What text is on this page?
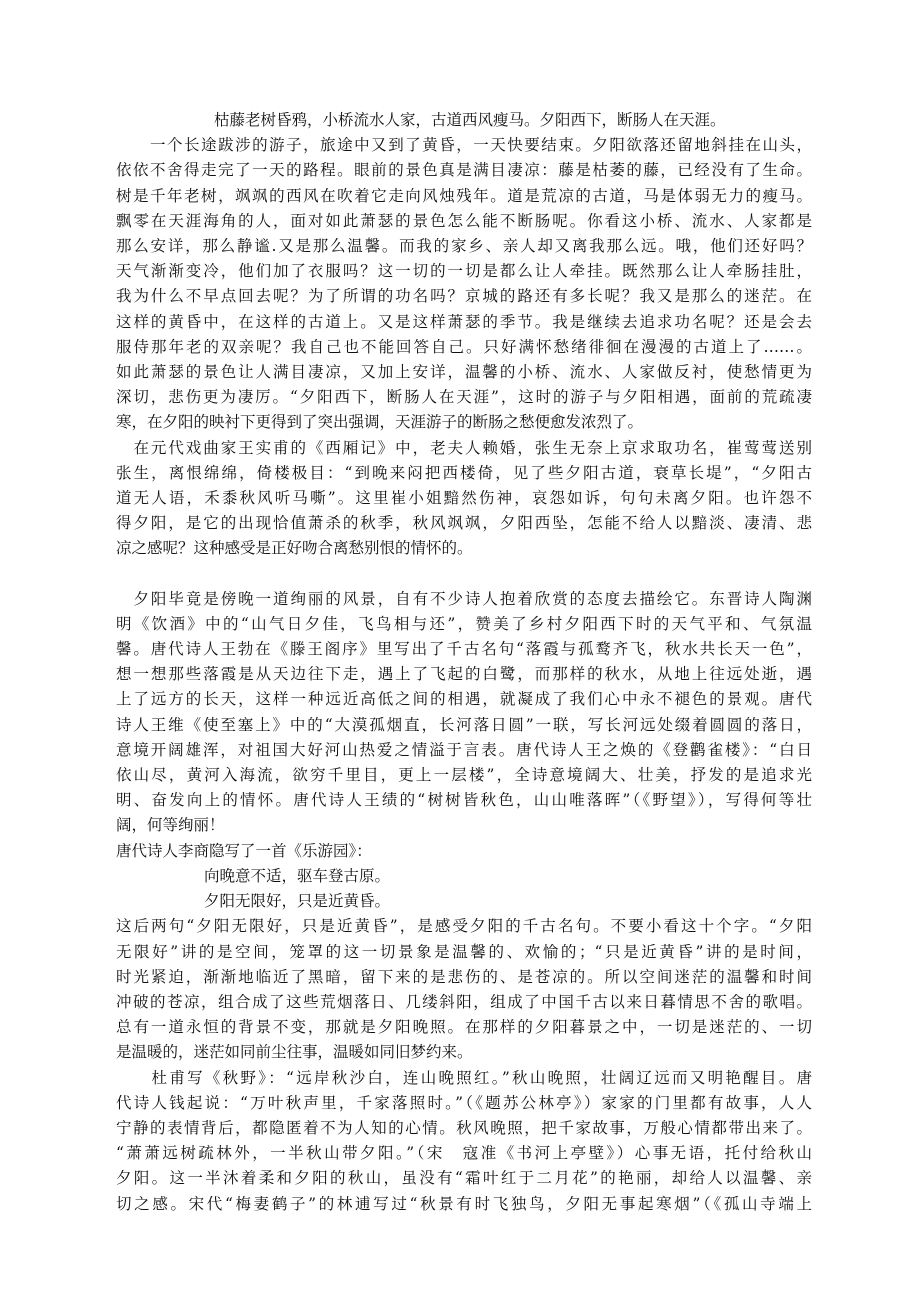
枯藤老树昏鸦，小桥流水人家，古道西风瘦马。夕阳西下，断肠人在天涯。

　　一个长途跋涉的游子，旅途中又到了黄昏，一天快要结束。夕阳欲落还留地斜挂在山头，

依依不舍得走完了一天的路程。眼前的景色真是满目凄凉：藤是枯萎的藤，已经没有了生命。

树是千年老树，飒飒的西风在吹着它走向风烛残年。道是荒凉的古道，马是体弱无力的瘦马。

飘零在天涯海角的人，面对如此萧瑟的景色怎么能不断肠呢。你看这小桥、流水、人家都是

那么安详，那么静谧.又是那么温馨。而我的家乡、亲人却又离我那么远。哦，他们还好吗？

天气渐渐变冷，他们加了衣服吗？这一切的一切是都么让人牵挂。既然那么让人牵肠挂肚，

我为什么不早点回去呢？为了所谓的功名吗？京城的路还有多长呢？我又是那么的迷茫。在

这样的黄昏中，在这样的古道上。又是这样萧瑟的季节。我是继续去追求功名呢？还是会去

服侍那年老的双亲呢？我自己也不能回答自己。只好满怀愁绪徘徊在漫漫的古道上了……。

如此萧瑟的景色让人满目凄凉，又加上安详，温馨的小桥、流水、人家做反衬，使愁情更为

深切，悲伤更为凄厉。“夕阳西下，断肠人在天涯”，这时的游子与夕阳相遇，面前的荒疏凄

寒，在夕阳的映衬下更得到了突出强调，天涯游子的断肠之愁便愈发浓烈了。

　在元代戏曲家王实甫的《西厢记》中，老夫人赖婚，张生无奈上京求取功名，崔莺莺送别

张生，离恨绵绵，倚楼极目：“到晚来闷把西楼倚，见了些夕阳古道，衰草长堤”，“夕阳古

道无人语，禾黍秋风听马嘶”。这里崔小姐黯然伤神，哀怨如诉，句句未离夕阳。也许怨不

得夕阳，是它的出现恰值萧杀的秋季，秋风飒飒，夕阳西坠，怎能不给人以黯淡、凄清、悲

凉之感呢？这种感受是正好吻合离愁别恨的情怀的。

　夕阳毕竟是傍晚一道绚丽的风景，自有不少诗人抱着欣赏的态度去描绘它。东晋诗人陶渊

明《饮酒》中的“山气日夕佳，飞鸟相与还”，赞美了乡村夕阳西下时的天气平和、气氛温

馨。唐代诗人王勃在《滕王阁序》里写出了千古名句“落霞与孤鹜齐飞，秋水共长天一色”，

想一想那些落霞是从天边往下走，遇上了飞起的白鹭，而那样的秋水，从地上往远处逝，遇

上了远方的长天，这样一种远近高低之间的相遇，就凝成了我们心中永不褪色的景观。唐代

诗人王维《使至塞上》中的“大漠孤烟直，长河落日圆”一联，写长河远处缀着圆圆的落日，

意境开阔雄浑，对祖国大好河山热爱之情溢于言表。唐代诗人王之焕的《登鹳雀楼》：“白日

依山尽，黄河入海流，欲穷千里目，更上一层楼”，全诗意境阔大、壮美，抒发的是追求光

明、奋发向上的情怀。唐代诗人王绩的“树树皆秋色，山山唯落晖”（《野望》），写得何等壮

阔，何等绚丽！

唐代诗人李商隐写了一首《乐游园》：

向晚意不适，驱车登古原。

夕阳无限好，只是近黄昏。

这后两句“夕阳无限好，只是近黄昏”，是感受夕阳的千古名句。不要小看这十个字。“夕阳

无限好”讲的是空间，笼罩的这一切景象是温馨的、欢愉的；“只是近黄昏”讲的是时间，

时光紧迫，渐渐地临近了黑暗，留下来的是悲伤的、是苍凉的。所以空间迷茫的温馨和时间

冲破的苍凉，组合成了这些荒烟落日、几缕斜阳，组成了中国千古以来日暮情思不舍的歌唱。

总有一道永恒的背景不变，那就是夕阳晚照。在那样的夕阳暮景之中，一切是迷茫的、一切

是温暖的，迷茫如同前尘往事，温暖如同旧梦约来。

　　杜甫写《秋野》：“远岸秋沙白，连山晚照红。”秋山晚照，壮阔辽远而又明艳醒目。唐

代诗人钱起说：“万叶秋声里，千家落照时。”（《题苏公林亭》）家家的门里都有故事，人人

宁静的表情背后，都隐匿着不为人知的心情。秋风晚照，把千家故事，万般心情都带出来了。

“萧萧远树疏林外，一半秋山带夕阳。”（宋　寇准《书河上亭壁》）心事无语，托付给秋山

夕阳。这一半沐着柔和夕阳的秋山，虽没有“霜叶红于二月花”的艳丽，却给人以温馨、亲

切之感。宋代“梅妻鹤子”的林逋写过“秋景有时飞独鸟，夕阳无事起寒烟”（《孤山寺端上
